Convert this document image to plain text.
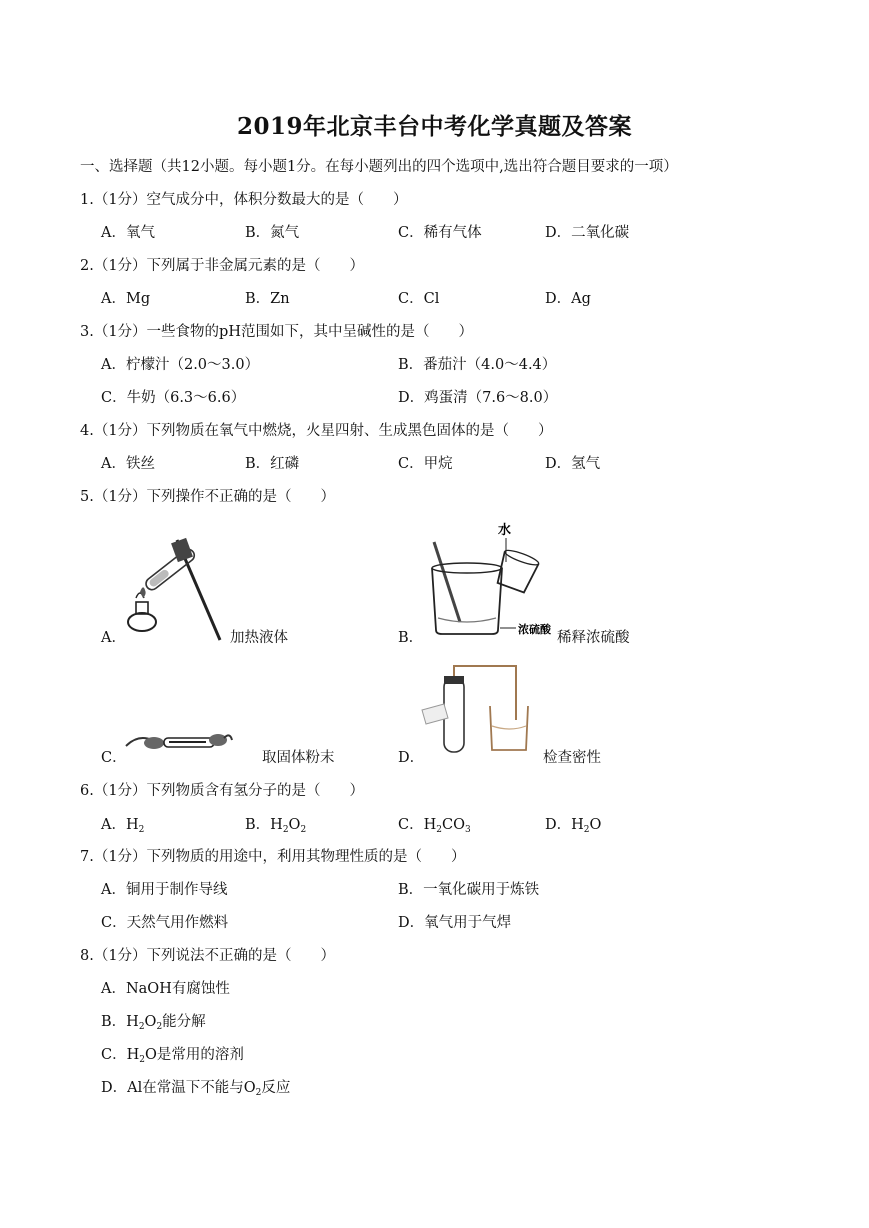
2019年北京丰台中考化学真题及答案
一、选择题（共12小题。每小题1分。在每小题列出的四个选项中,选出符合题目要求的一项）
1.（1分）空气成分中，体积分数最大的是（　　）
A．氧气	B．氮气	C．稀有气体	D．二氧化碳
2.（1分）下列属于非金属元素的是（　　）
A．Mg	B．Zn	C．Cl	D．Ag
3.（1分）一些食物的pH范围如下，其中呈碱性的是（　　）
A．柠檬汁（2.0～3.0）	B．番茄汁（4.0～4.4）
C．牛奶（6.3～6.6）	D．鸡蛋清（7.6～8.0）
4.（1分）下列物质在氧气中燃烧，火星四射、生成黑色固体的是（　　）
A．铁丝	B．红磷	C．甲烷	D．氢气
5.（1分）下列操作不正确的是（　　）
A．	加热液体
水
浓硫酸
B．	稀释浓硫酸
C．	取固体粉末	D．	检查密性
6.（1分）下列物质含有氢分子的是（　　）
A．$H_2$	B．$H_2O_2$	C．$H_2CO_3$	D．$H_2O$
7.（1分）下列物质的用途中，利用其物理性质的是（　　）
A．铜用于制作导线	B．一氧化碳用于炼铁
C．天然气用作燃料	D．氧气用于气焊
8.（1分）下列说法不正确的是（　　）
A．NaOH有腐蚀性
B．$H_2O_2$能分解
C．$H_2O$是常用的溶剂
D．Al在常温下不能与$O_2$反应
